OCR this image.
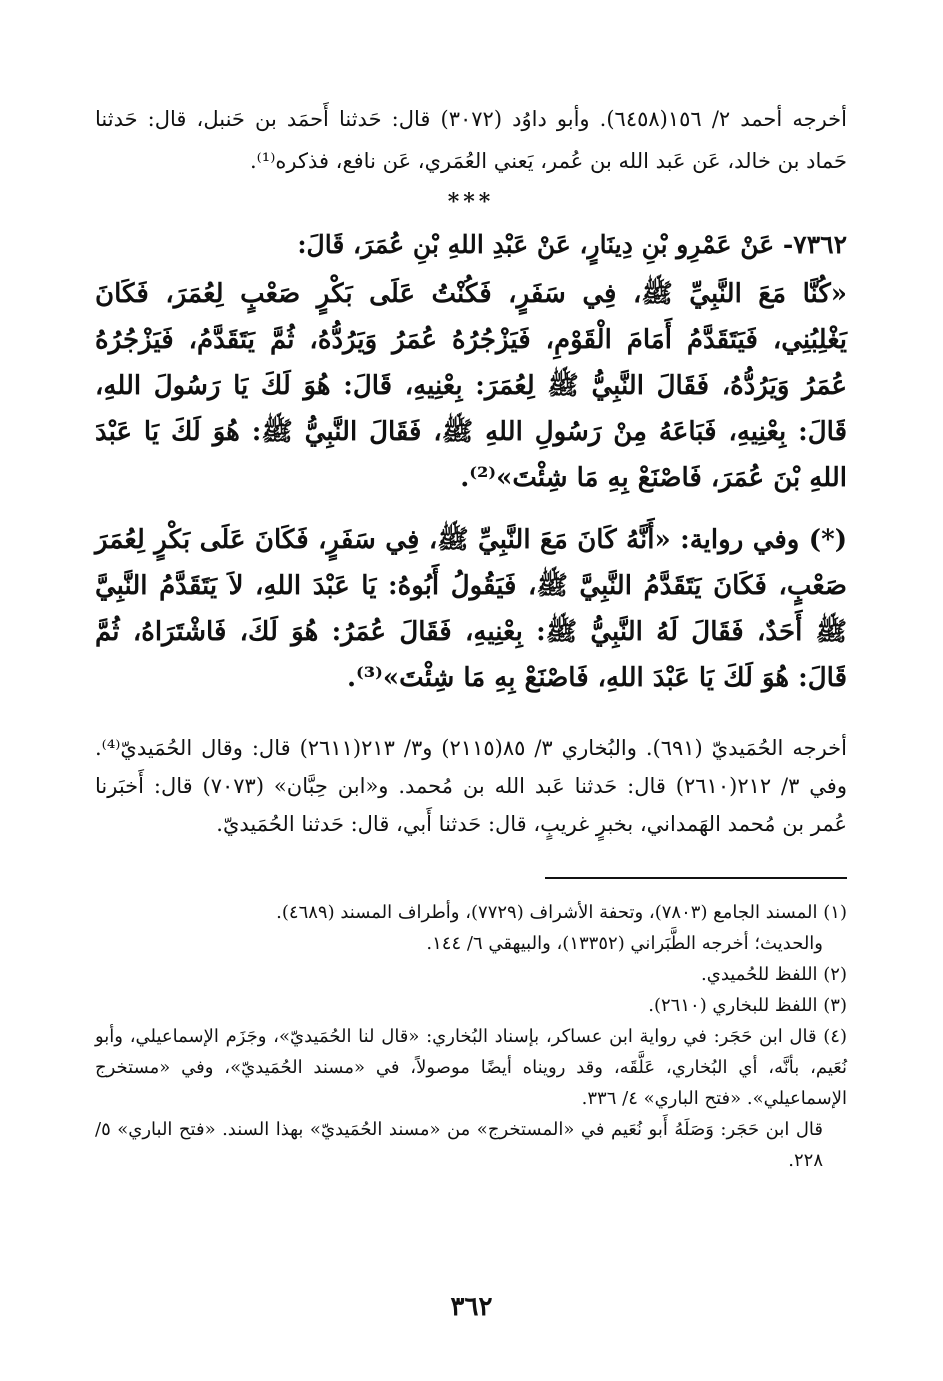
أخرجه أحمد ٢/ ١٥٦(٦٤٥٨). وأبو داوُد (٣٠٧٢) قال: حَدثنا أَحمَد بن حَنبل، قال: حَدثنا حَماد بن خالد، عَن عَبد الله بن عُمر، يَعني العُمَري، عَن نافع، فذكره⁽¹⁾.

***

٧٣٦٢- عَنْ عَمْرِو بْنِ دِينَارٍ، عَنْ عَبْدِ اللهِ بْنِ عُمَرَ، قَالَ:

«كُنَّا مَعَ النَّبِيِّ ﷺ، فِي سَفَرٍ، فَكُنْتُ عَلَى بَكْرٍ صَعْبٍ لِعُمَرَ، فَكَانَ يَغْلِبُنِي، فَيَتَقَدَّمُ أَمَامَ الْقَوْمِ، فَيَزْجُرُهُ عُمَرُ وَيَرُدُّهُ، ثُمَّ يَتَقَدَّمُ، فَيَزْجُرُهُ عُمَرُ وَيَرُدُّهُ، فَقَالَ النَّبِيُّ ﷺ لِعُمَرَ: بِعْنِيهِ، قَالَ: هُوَ لَكَ يَا رَسُولَ اللهِ، قَالَ: بِعْنِيهِ، فَبَاعَهُ مِنْ رَسُولِ اللهِ ﷺ، فَقَالَ النَّبِيُّ ﷺ: هُوَ لَكَ يَا عَبْدَ اللهِ بْنَ عُمَرَ، فَاصْنَعْ بِهِ مَا شِئْتَ»⁽²⁾.

(*) وفي رواية: «أَنَّهُ كَانَ مَعَ النَّبِيِّ ﷺ، فِي سَفَرٍ، فَكَانَ عَلَى بَكْرٍ لِعُمَرَ صَعْبٍ، فَكَانَ يَتَقَدَّمُ النَّبِيَّ ﷺ، فَيَقُولُ أَبُوهُ: يَا عَبْدَ اللهِ، لاَ يَتَقَدَّمُ النَّبِيَّ ﷺ أَحَدٌ، فَقَالَ لَهُ النَّبِيُّ ﷺ: بِعْنِيهِ، فَقَالَ عُمَرُ: هُوَ لَكَ، فَاشْتَرَاهُ، ثُمَّ قَالَ: هُوَ لَكَ يَا عَبْدَ اللهِ، فَاصْنَعْ بِهِ مَا شِئْتَ»⁽³⁾.

أخرجه الحُمَيديّ (٦٩١). والبُخاري ٣/ ٨٥(٢١١٥) و٣/ ٢١٣(٢٦١١) قال: وقال الحُمَيديّ⁽⁴⁾. وفي ٣/ ٢١٢(٢٦١٠) قال: حَدثنا عَبد الله بن مُحمد. و«ابن حِبَّان» (٧٠٧٣) قال: أَخبَرنا عُمر بن مُحمد الهَمداني، بخبرٍ غريبٍ، قال: حَدثنا أَبي، قال: حَدثنا الحُمَيديّ.

(١) المسند الجامع (٧٨٠٣)، وتحفة الأشراف (٧٧٢٩)، وأطراف المسند (٤٦٨٩).

والحديث؛ أخرجه الطَّبَراني (١٣٣٥٢)، والبيهقي ٦/ ١٤٤.

(٢) اللفظ للحُميدي.

(٣) اللفظ للبخاري (٢٦١٠).

(٤) قال ابن حَجَر: في رواية ابن عساكر، بإسناد البُخاري: «قال لنا الحُمَيديّ»، وجَزَم الإسماعيلي، وأبو نُعَيم، بأنَّه، أي البُخاري، عَلَّقَه، وقد رويناه أيضًا موصولاً، في «مسند الحُمَيديّ»، وفي «مستخرج الإسماعيلي». «فتح الباري» ٤/ ٣٣٦.

قال ابن حَجَر: وَصَلَهُ أَبو نُعَيم في «المستخرج» من «مسند الحُمَيديّ» بهذا السند. «فتح الباري» ٥/ ٢٢٨.

٣٦٢
